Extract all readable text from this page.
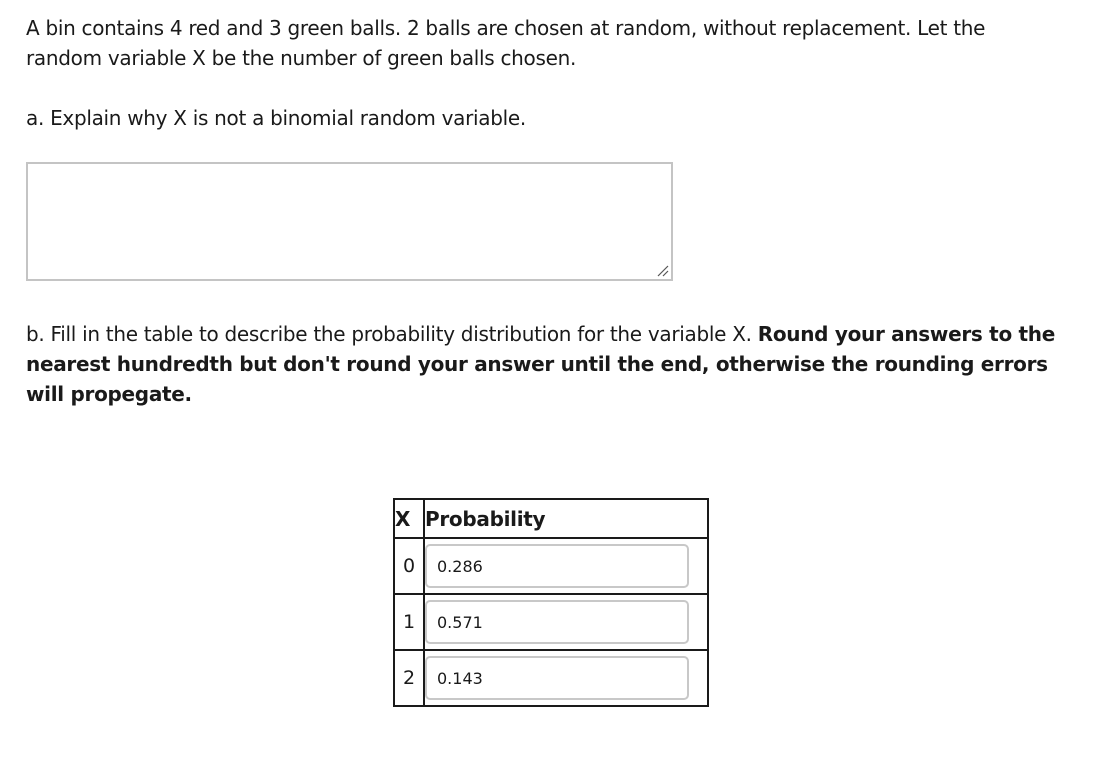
A bin contains 4 red and 3 green balls. 2 balls are chosen at random, without replacement. Let the random variable X be the number of green balls chosen.

a. Explain why X is not a binomial random variable.

b. Fill in the table to describe the probability distribution for the variable X. Round your answers to the nearest hundredth but don't round your answer until the end, otherwise the rounding errors will propegate.

X	Probability
0	0.286
1	0.571
2	0.143
